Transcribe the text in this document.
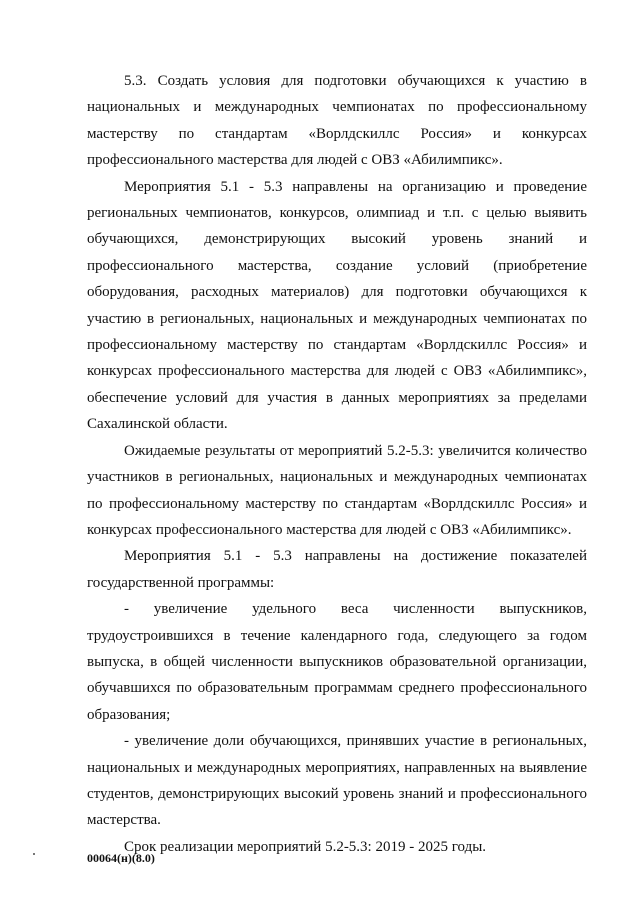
5.3. Создать условия для подготовки обучающихся к участию в национальных и международных чемпионатах по профессиональному мастерству по стандартам «Ворлдскиллс Россия» и конкурсах профессионального мастерства для людей с ОВЗ «Абилимпикс».

Мероприятия 5.1 - 5.3 направлены на организацию и проведение региональных чемпионатов, конкурсов, олимпиад и т.п. с целью выявить обучающихся, демонстрирующих высокий уровень знаний и профессионального мастерства, создание условий (приобретение оборудования, расходных материалов) для подготовки обучающихся к участию в региональных, национальных и международных чемпионатах по профессиональному мастерству по стандартам «Ворлдскиллс Россия» и конкурсах профессионального мастерства для людей с ОВЗ «Абилимпикс», обеспечение условий для участия в данных мероприятиях за пределами Сахалинской области.

Ожидаемые результаты от мероприятий 5.2-5.3: увеличится количество участников в региональных, национальных и международных чемпионатах по профессиональному мастерству по стандартам «Ворлдскиллс Россия» и конкурсах профессионального мастерства для людей с ОВЗ «Абилимпикс».

Мероприятия 5.1 - 5.3 направлены на достижение показателей государственной программы:

- увеличение удельного веса численности выпускников, трудоустроившихся в течение календарного года, следующего за годом выпуска, в общей численности выпускников образовательной организации, обучавшихся по образовательным программам среднего профессионального образования;

- увеличение доли обучающихся, принявших участие в региональных, национальных и международных мероприятиях, направленных на выявление студентов, демонстрирующих высокий уровень знаний и профессионального мастерства.

Срок реализации мероприятий 5.2-5.3: 2019 - 2025 годы.

00064(н)(8.0)
